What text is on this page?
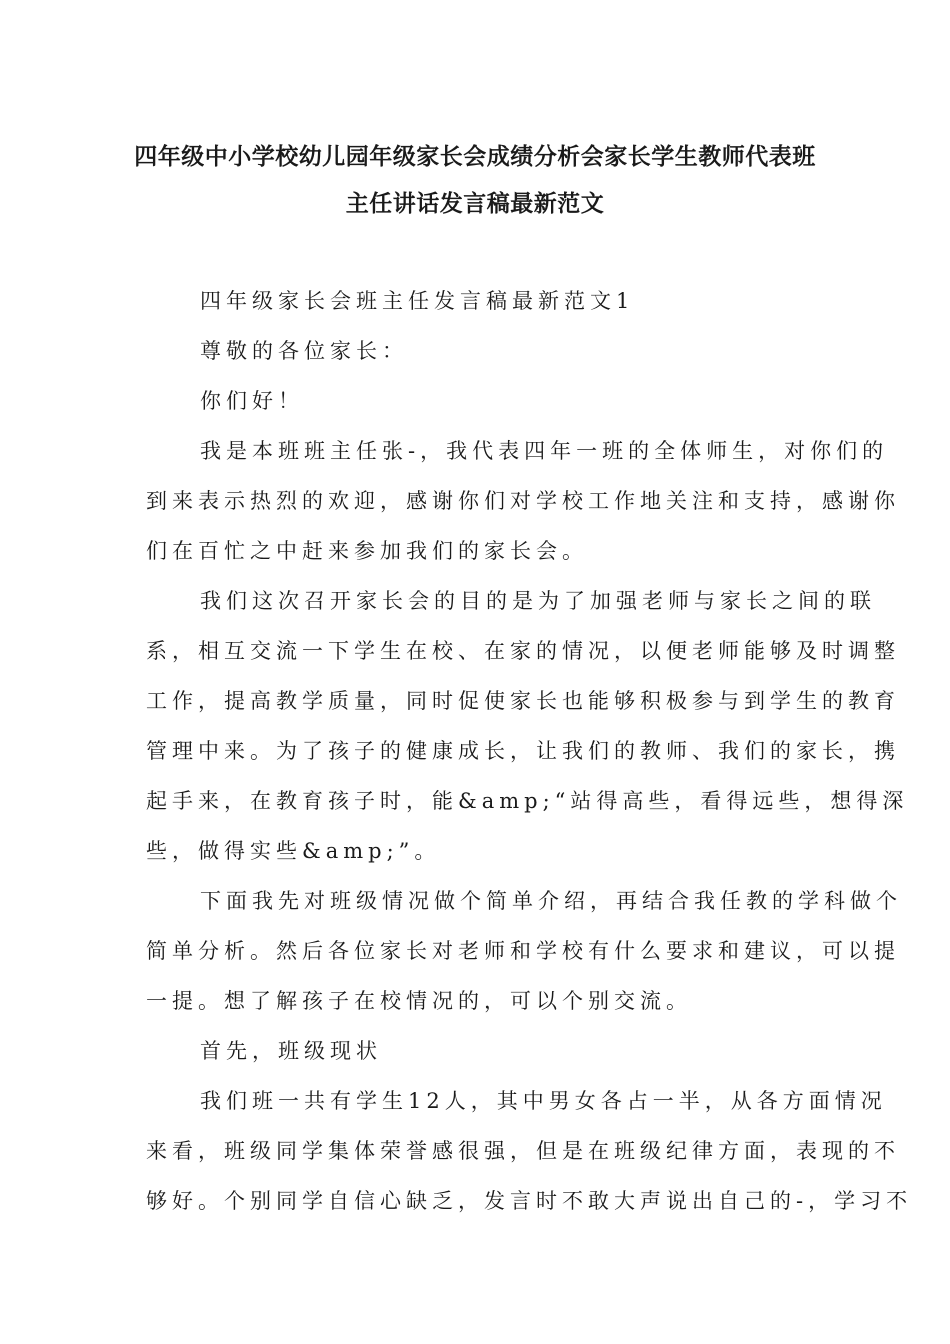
四年级中小学校幼儿园年级家长会成绩分析会家长学生教师代表班
主任讲话发言稿最新范文
四年级家长会班主任发言稿最新范文1
尊敬的各位家长：
你们好！
我是本班班主任张-，我代表四年一班的全体师生，对你们的
到来表示热烈的欢迎，感谢你们对学校工作地关注和支持，感谢你
们在百忙之中赶来参加我们的家长会。
我们这次召开家长会的目的是为了加强老师与家长之间的联
系，相互交流一下学生在校、在家的情况，以便老师能够及时调整
工作，提高教学质量，同时促使家长也能够积极参与到学生的教育
管理中来。为了孩子的健康成长，让我们的教师、我们的家长，携
起手来，在教育孩子时，能&amp;“站得高些，看得远些，想得深
些，做得实些&amp;”。
下面我先对班级情况做个简单介绍，再结合我任教的学科做个
简单分析。然后各位家长对老师和学校有什么要求和建议，可以提
一提。想了解孩子在校情况的，可以个别交流。
首先，班级现状
我们班一共有学生12人，其中男女各占一半，从各方面情况
来看，班级同学集体荣誉感很强，但是在班级纪律方面，表现的不
够好。个别同学自信心缺乏，发言时不敢大声说出自己的-，学习不
